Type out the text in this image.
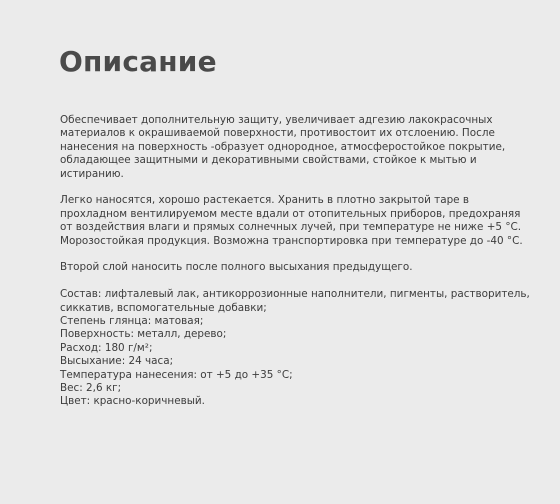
Описание

Обеспечивает дополнительную защиту, увеличивает адгезию лакокрасочных
материалов к окрашиваемой поверхности, противостоит их отслоению. После
нанесения на поверхность -образует однородное, атмосферостойкое покрытие,
обладающее защитными и декоративными свойствами, стойкое к мытью и
истиранию.

Легко наносятся, хорошо растекается. Хранить в плотно закрытой таре в
прохладном вентилируемом месте вдали от отопительных приборов, предохраняя
от воздействия влаги и прямых солнечных лучей, при температуре не ниже +5 °С.
Морозостойкая продукция. Возможна транспортировка при температуре до -40 °С.

Второй слой наносить после полного высыхания предыдущего.

Состав: лифталевый лак, антикоррозионные наполнители, пигменты, растворитель,
сиккатив, вспомогательные добавки;
Степень глянца: матовая;
Поверхность: металл, дерево;
Расход: 180 г/м²;
Высыхание: 24 часа;
Температура нанесения: от +5 до +35 °С;
Вес: 2,6 кг;
Цвет: красно-коричневый.
